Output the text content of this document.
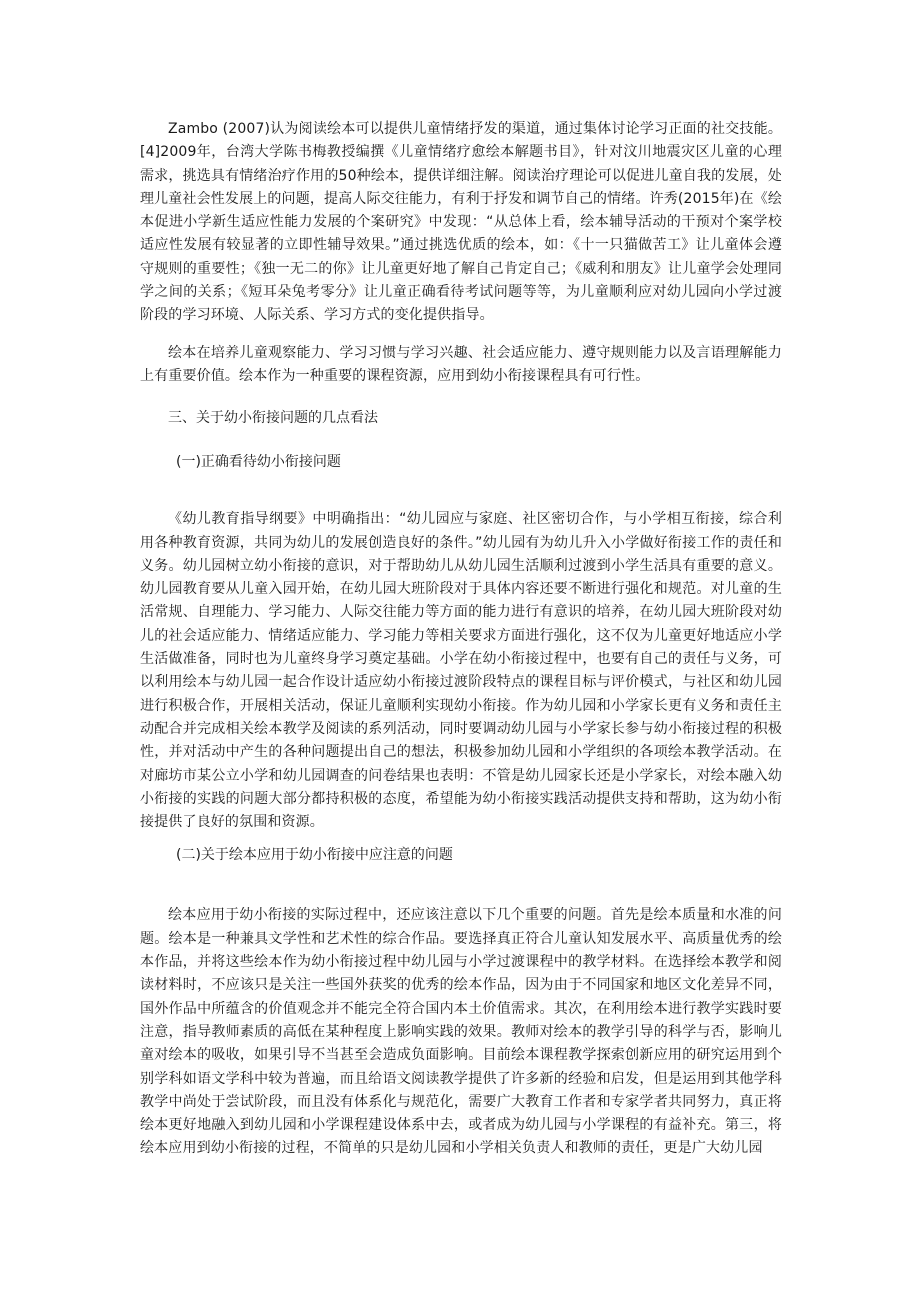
Zambo (2007)认为阅读绘本可以提供儿童情绪抒发的渠道，通过集体讨论学习正面的社交技能。 [4]2009年，台湾大学陈书梅教授编撰《儿童情绪疗愈绘本解题书目》，针对汶川地震灾区儿童的心理需求，挑选具有情绪治疗作用的50种绘本，提供详细注解。阅读治疗理论可以促进儿童自我的发展，处理儿童社会性发展上的问题，提高人际交往能力，有利于抒发和调节自己的情绪。许秀(2015年)在《绘本促进小学新生适应性能力发展的个案研究》中发现：“从总体上看，绘本辅导活动的干预对个案学校适应性发展有较显著的立即性辅导效果。”通过挑选优质的绘本，如：《十一只猫做苦工》让儿童体会遵守规则的重要性；《独一无二的你》让儿童更好地了解自己肯定自己；《威利和朋友》让儿童学会处理同学之间的关系；《短耳朵兔考零分》让儿童正确看待考试问题等等，为儿童顺利应对幼儿园向小学过渡阶段的学习环境、人际关系、学习方式的变化提供指导。

绘本在培养儿童观察能力、学习习惯与学习兴趣、社会适应能力、遵守规则能力以及言语理解能力上有重要价值。绘本作为一种重要的课程资源，应用到幼小衔接课程具有可行性。

三、关于幼小衔接问题的几点看法

(一)正确看待幼小衔接问题

《幼儿教育指导纲要》中明确指出：“幼儿园应与家庭、社区密切合作，与小学相互衔接，综合利用各种教育资源，共同为幼儿的发展创造良好的条件。”幼儿园有为幼儿升入小学做好衔接工作的责任和义务。幼儿园树立幼小衔接的意识，对于帮助幼儿从幼儿园生活顺利过渡到小学生活具有重要的意义。幼儿园教育要从儿童入园开始，在幼儿园大班阶段对于具体内容还要不断进行强化和规范。对儿童的生活常规、自理能力、学习能力、人际交往能力等方面的能力进行有意识的培养，在幼儿园大班阶段对幼儿的社会适应能力、情绪适应能力、学习能力等相关要求方面进行强化，这不仅为儿童更好地适应小学生活做准备，同时也为儿童终身学习奠定基础。小学在幼小衔接过程中，也要有自己的责任与义务，可以利用绘本与幼儿园一起合作设计适应幼小衔接过渡阶段特点的课程目标与评价模式，与社区和幼儿园进行积极合作，开展相关活动，保证儿童顺利实现幼小衔接。作为幼儿园和小学家长更有义务和责任主动配合并完成相关绘本教学及阅读的系列活动，同时要调动幼儿园与小学家长参与幼小衔接过程的积极性，并对活动中产生的各种问题提出自己的想法，积极参加幼儿园和小学组织的各项绘本教学活动。在对廊坊市某公立小学和幼儿园调查的问卷结果也表明：不管是幼儿园家长还是小学家长，对绘本融入幼小衔接的实践的问题大部分都持积极的态度，希望能为幼小衔接实践活动提供支持和帮助，这为幼小衔接提供了良好的氛围和资源。

(二)关于绘本应用于幼小衔接中应注意的问题

绘本应用于幼小衔接的实际过程中，还应该注意以下几个重要的问题。首先是绘本质量和水准的问题。绘本是一种兼具文学性和艺术性的综合作品。要选择真正符合儿童认知发展水平、高质量优秀的绘本作品，并将这些绘本作为幼小衔接过程中幼儿园与小学过渡课程中的教学材料。在选择绘本教学和阅读材料时，不应该只是关注一些国外获奖的优秀的绘本作品，因为由于不同国家和地区文化差异不同，国外作品中所蕴含的价值观念并不能完全符合国内本土价值需求。其次，在利用绘本进行教学实践时要注意，指导教师素质的高低在某种程度上影响实践的效果。教师对绘本的教学引导的科学与否，影响儿童对绘本的吸收，如果引导不当甚至会造成负面影响。目前绘本课程教学探索创新应用的研究运用到个别学科如语文学科中较为普遍，而且给语文阅读教学提供了许多新的经验和启发，但是运用到其他学科教学中尚处于尝试阶段，而且没有体系化与规范化，需要广大教育工作者和专家学者共同努力，真正将绘本更好地融入到幼儿园和小学课程建设体系中去，或者成为幼儿园与小学课程的有益补充。第三，将绘本应用到幼小衔接的过程，不简单的只是幼儿园和小学相关负责人和教师的责任，更是广大幼儿园
